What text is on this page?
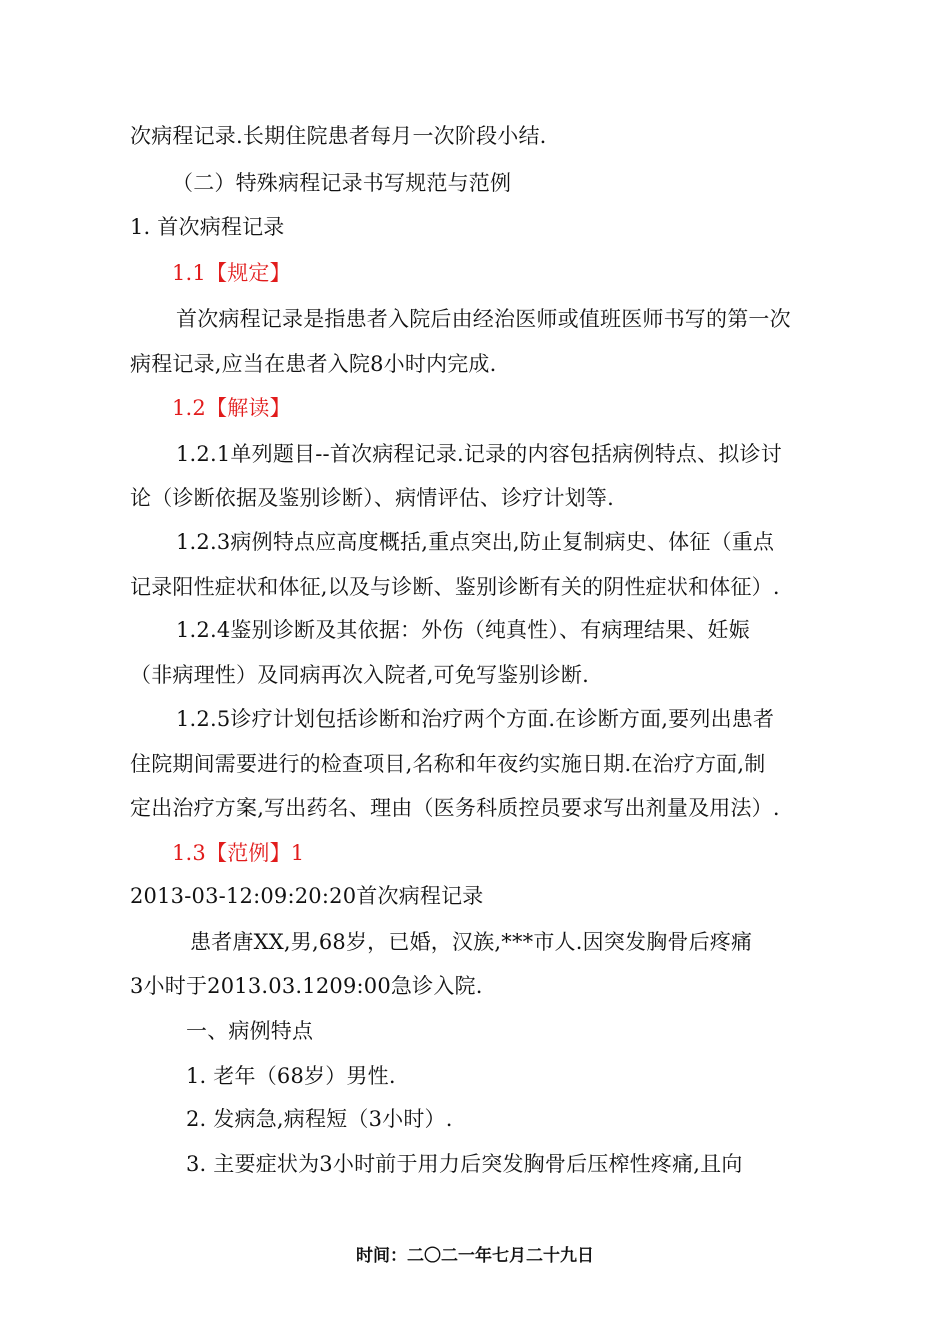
次病程记录.长期住院患者每月一次阶段小结.
（二）特殊病程记录书写规范与范例
1. 首次病程记录
1.1【规定】
首次病程记录是指患者入院后由经治医师或值班医师书写的第一次
病程记录,应当在患者入院8小时内完成.
1.2【解读】
1.2.1单列题目--首次病程记录.记录的内容包括病例特点、拟诊讨
论（诊断依据及鉴别诊断）、病情评估、诊疗计划等.
1.2.3病例特点应高度概括,重点突出,防止复制病史、体征（重点
记录阳性症状和体征,以及与诊断、鉴别诊断有关的阴性症状和体征）.
1.2.4鉴别诊断及其依据：外伤（纯真性）、有病理结果、妊娠
（非病理性）及同病再次入院者,可免写鉴别诊断.
1.2.5诊疗计划包括诊断和治疗两个方面.在诊断方面,要列出患者
住院期间需要进行的检查项目,名称和年夜约实施日期.在治疗方面,制
定出治疗方案,写出药名、理由（医务科质控员要求写出剂量及用法）.
1.3【范例】1
2013-03-12:09:20:20首次病程记录
患者唐XX,男,68岁，已婚，汉族,***市人.因突发胸骨后疼痛
3小时于2013.03.1209:00急诊入院.
一、病例特点
1. 老年（68岁）男性.
2. 发病急,病程短（3小时）.
3. 主要症状为3小时前于用力后突发胸骨后压榨性疼痛,且向
时间：二〇二一年七月二十九日
